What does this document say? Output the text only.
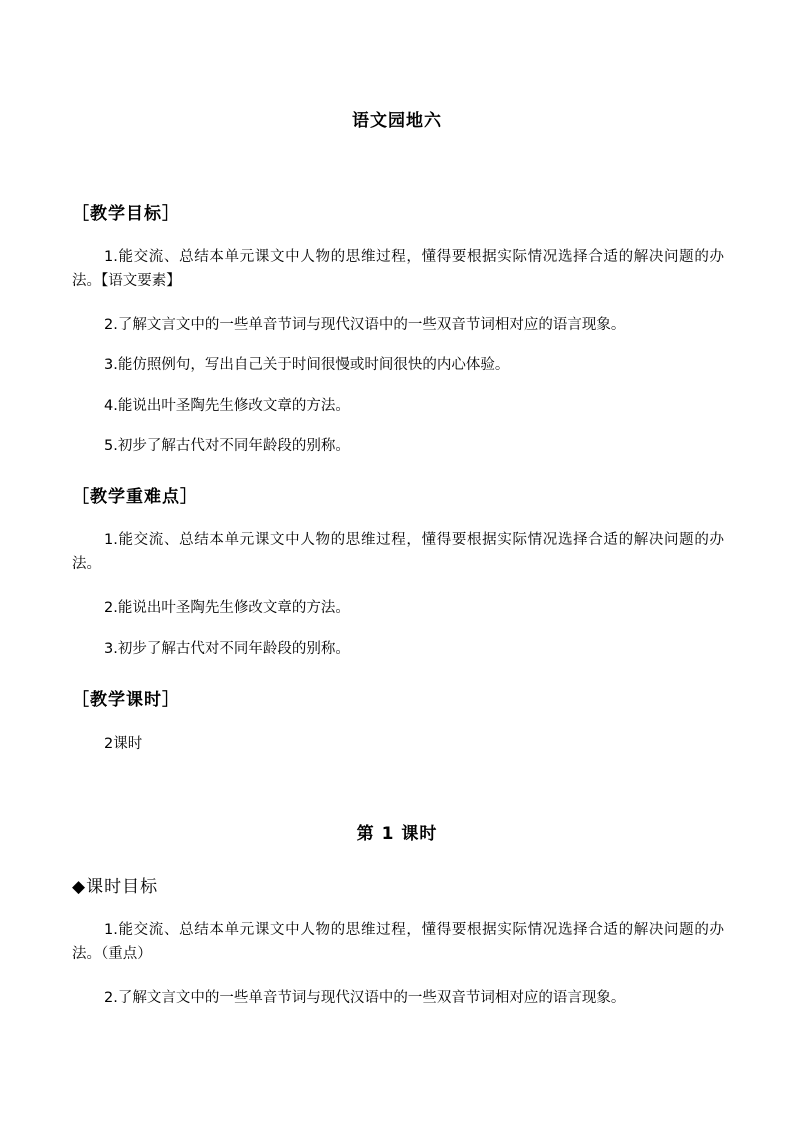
语文园地六
［教学目标］
1.能交流、总结本单元课文中人物的思维过程，懂得要根据实际情况选择合适的解决问题的办法。【语文要素】
2.了解文言文中的一些单音节词与现代汉语中的一些双音节词相对应的语言现象。
3.能仿照例句，写出自己关于时间很慢或时间很快的内心体验。
4.能说出叶圣陶先生修改文章的方法。
5.初步了解古代对不同年龄段的别称。
［教学重难点］
1.能交流、总结本单元课文中人物的思维过程，懂得要根据实际情况选择合适的解决问题的办法。
2.能说出叶圣陶先生修改文章的方法。
3.初步了解古代对不同年龄段的别称。
［教学课时］
2课时
第 1 课时
◆课时目标
1.能交流、总结本单元课文中人物的思维过程，懂得要根据实际情况选择合适的解决问题的办法。（重点）
2.了解文言文中的一些单音节词与现代汉语中的一些双音节词相对应的语言现象。
